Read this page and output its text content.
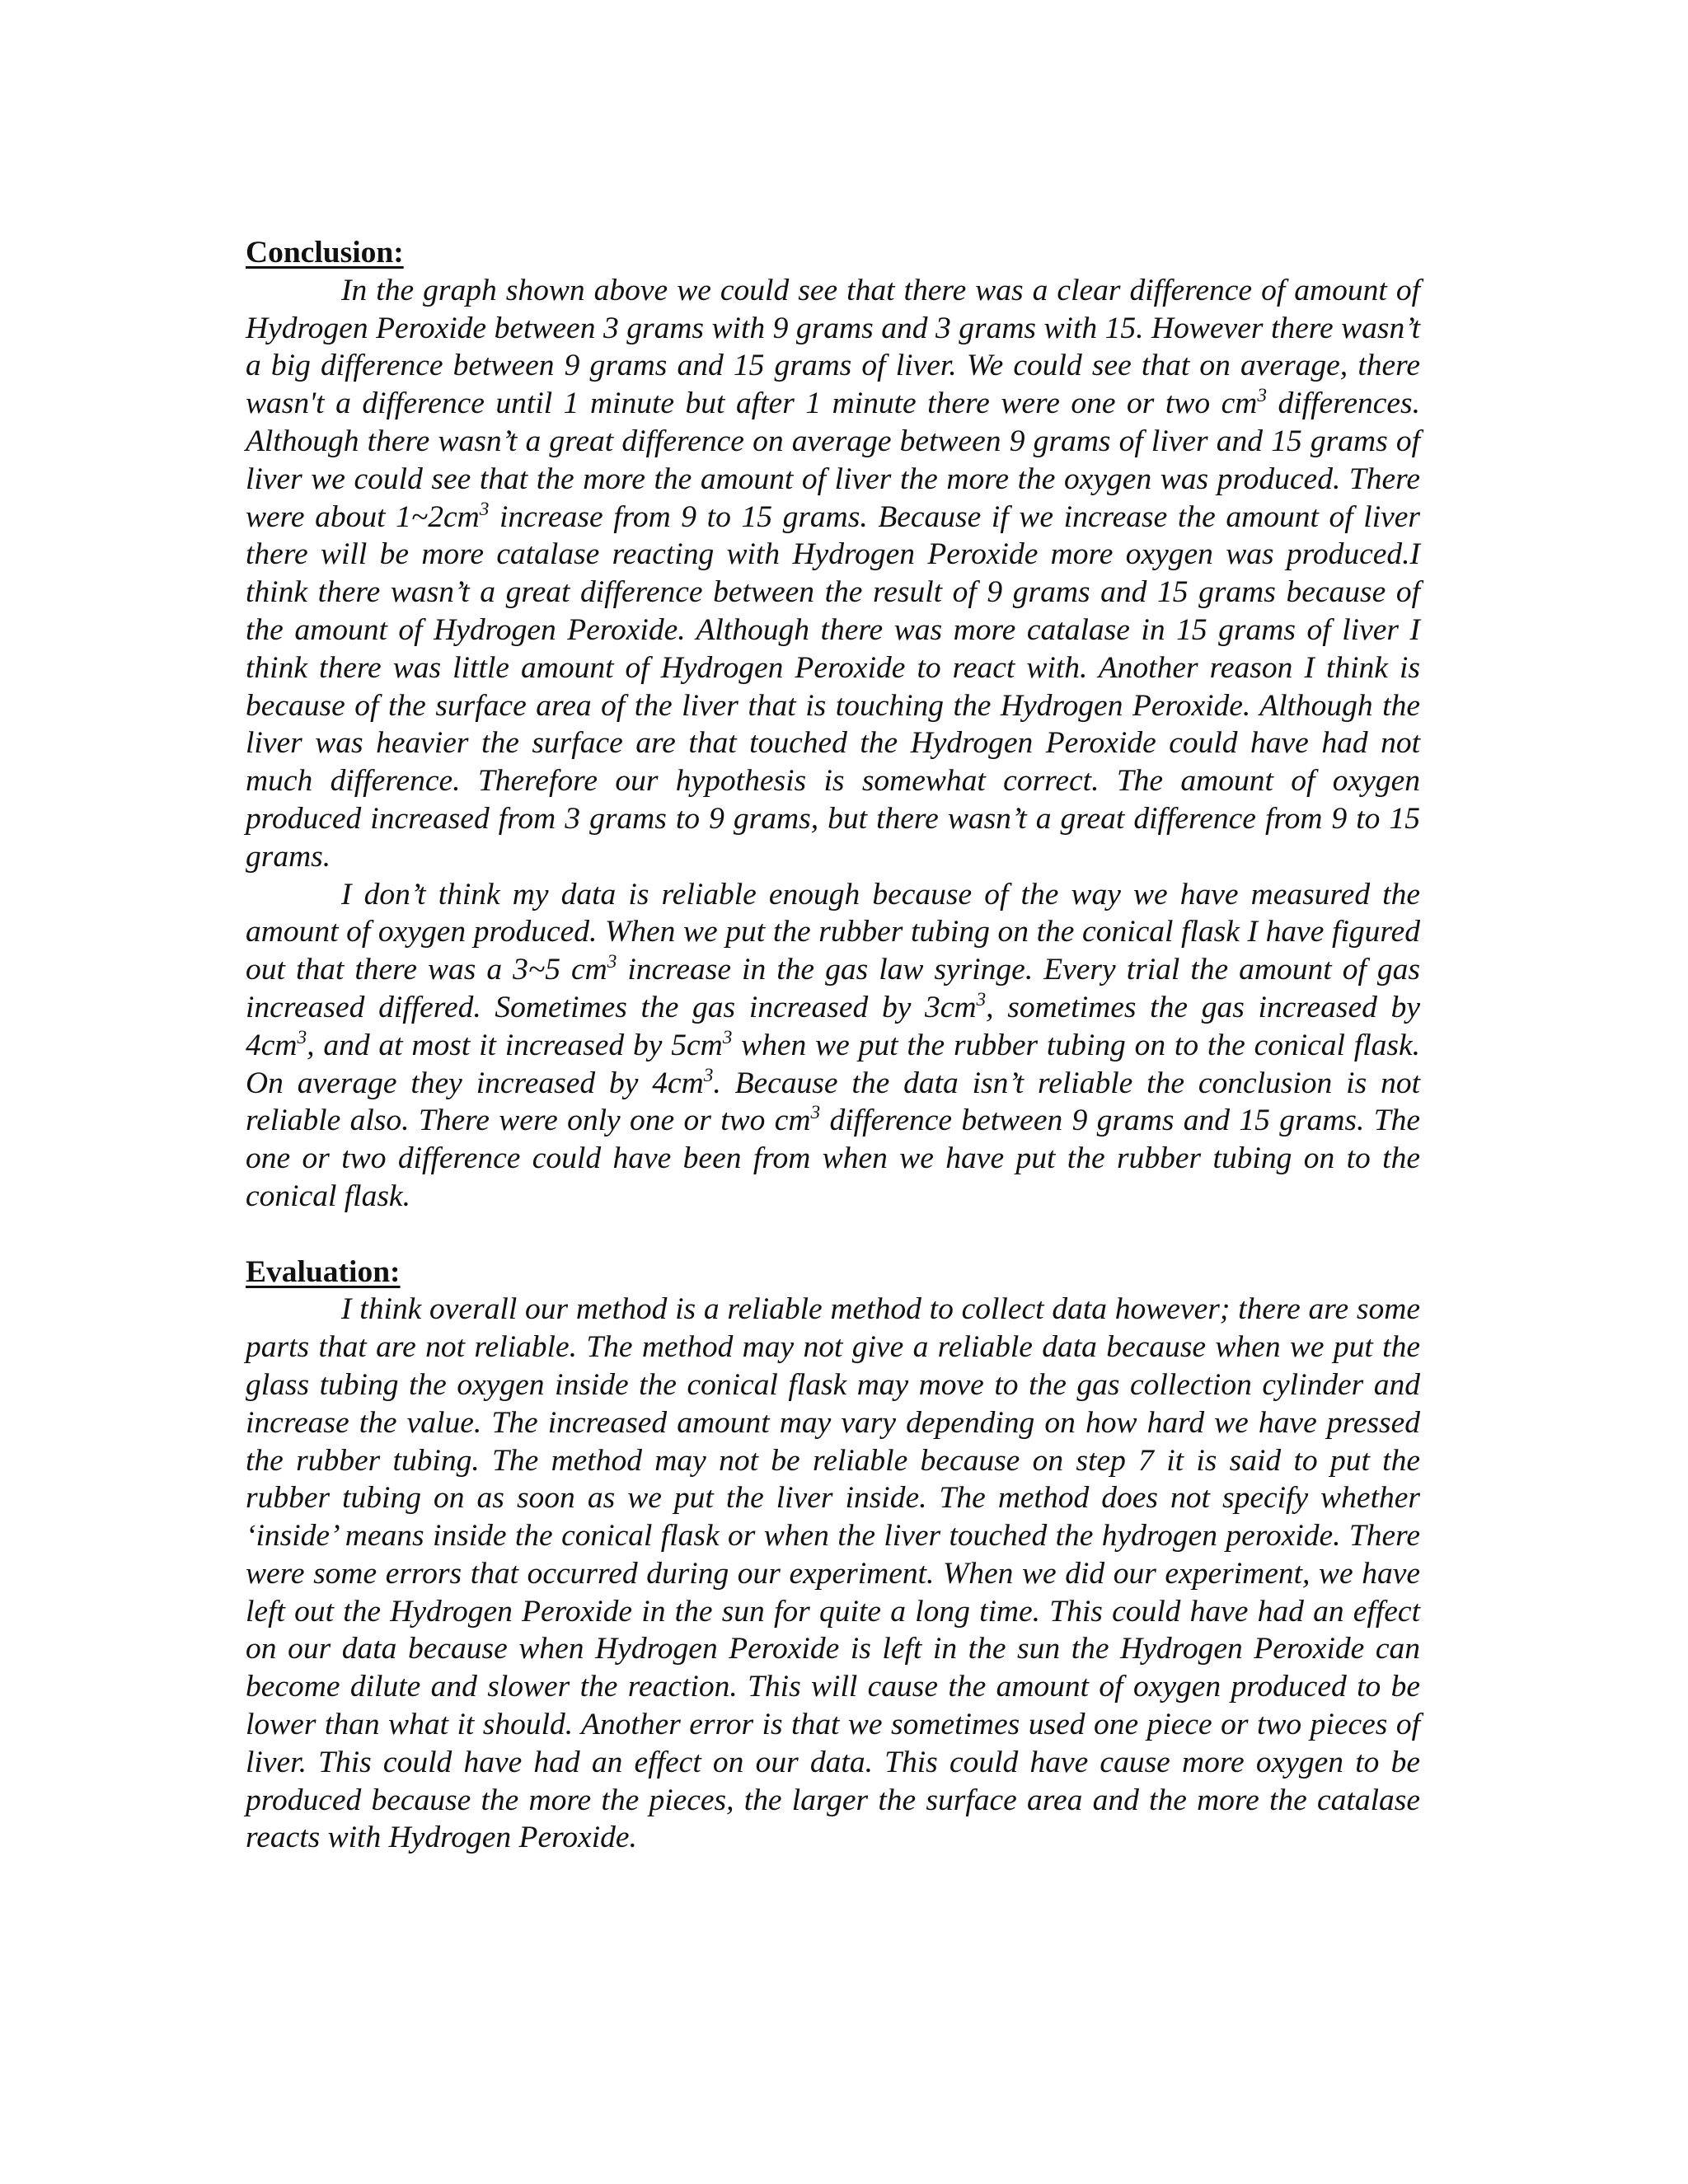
Conclusion:

In the graph shown above we could see that there was a clear difference of amount of Hydrogen Peroxide between 3 grams with 9 grams and 3 grams with 15. However there wasn’t a big difference between 9 grams and 15 grams of liver. We could see that on average, there wasn't a difference until 1 minute but after 1 minute there were one or two $cm^3$ differences. Although there wasn’t a great difference on average between 9 grams of liver and 15 grams of liver we could see that the more the amount of liver the more the oxygen was produced. There were about $1\sim 2cm^3$ increase from 9 to 15 grams. Because if we increase the amount of liver there will be more catalase reacting with Hydrogen Peroxide more oxygen was produced.I think there wasn’t a great difference between the result of 9 grams and 15 grams because of the amount of Hydrogen Peroxide. Although there was more catalase in 15 grams of liver I think there was little amount of Hydrogen Peroxide to react with. Another reason I think is because of the surface area of the liver that is touching the Hydrogen Peroxide. Although the liver was heavier the surface are that touched the Hydrogen Peroxide could have had not much difference. Therefore our hypothesis is somewhat correct. The amount of oxygen produced increased from 3 grams to 9 grams, but there wasn’t a great difference from 9 to 15 grams.

I don’t think my data is reliable enough because of the way we have measured the amount of oxygen produced. When we put the rubber tubing on the conical flask I have figured out that there was a 3~5 $cm^3$ increase in the gas law syringe. Every trial the amount of gas increased differed. Sometimes the gas increased by $3cm^3$, sometimes the gas increased by $4cm^3$, and at most it increased by $5cm^3$ when we put the rubber tubing on to the conical flask. On average they increased by $4cm^3$. Because the data isn’t reliable the conclusion is not reliable also. There were only one or two $cm^3$ difference between 9 grams and 15 grams. The one or two difference could have been from when we have put the rubber tubing on to the conical flask.

Evaluation:

I think overall our method is a reliable method to collect data however; there are some parts that are not reliable. The method may not give a reliable data because when we put the glass tubing the oxygen inside the conical flask may move to the gas collection cylinder and increase the value. The increased amount may vary depending on how hard we have pressed the rubber tubing. The method may not be reliable because on step 7 it is said to put the rubber tubing on as soon as we put the liver inside. The method does not specify whether ‘inside’ means inside the conical flask or when the liver touched the hydrogen peroxide. There were some errors that occurred during our experiment. When we did our experiment, we have left out the Hydrogen Peroxide in the sun for quite a long time. This could have had an effect on our data because when Hydrogen Peroxide is left in the sun the Hydrogen Peroxide can become dilute and slower the reaction. This will cause the amount of oxygen produced to be lower than what it should. Another error is that we sometimes used one piece or two pieces of liver. This could have had an effect on our data. This could have cause more oxygen to be produced because the more the pieces, the larger the surface area and the more the catalase reacts with Hydrogen Peroxide.
